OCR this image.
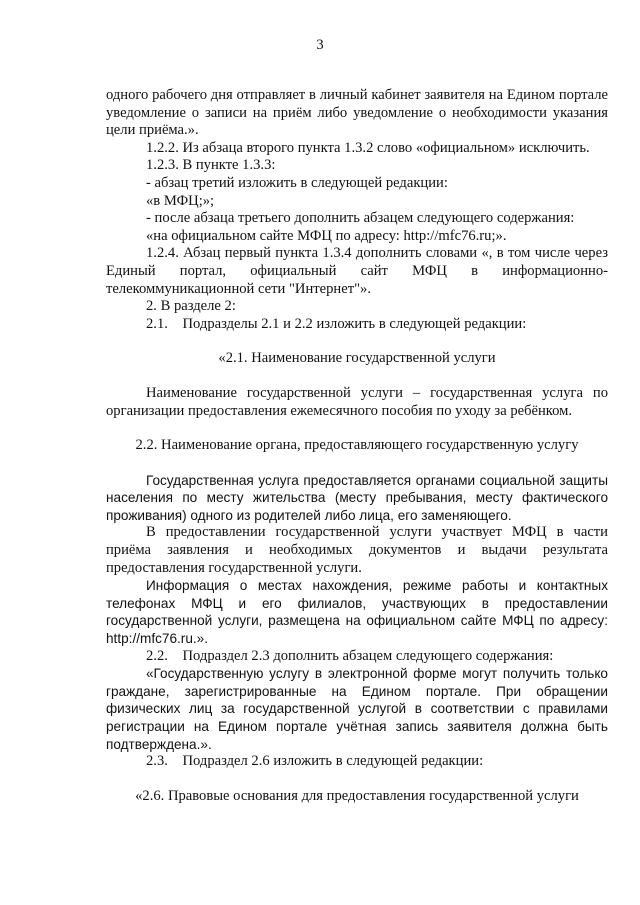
3

одного рабочего дня отправляет в личный кабинет заявителя на Едином портале уведомление о записи на приём либо уведомление о необходимости указания цели приёма.».

1.2.2. Из абзаца второго пункта 1.3.2 слово «официальном» исключить.

1.2.3. В пункте 1.3.3:

- абзац третий изложить в следующей редакции:

«в МФЦ;»;

- после абзаца третьего дополнить абзацем следующего содержания:

«на официальном сайте МФЦ по адресу: http://mfc76.ru;».

1.2.4. Абзац первый пункта 1.3.4 дополнить словами «, в том числе через Единый портал, официальный сайт МФЦ в информационно-телекоммуникационной сети "Интернет"».

2. В разделе 2:

2.1.    Подразделы 2.1 и 2.2 изложить в следующей редакции:

«2.1. Наименование государственной услуги

Наименование государственной услуги – государственная услуга по организации предоставления ежемесячного пособия по уходу за ребёнком.

2.2. Наименование органа, предоставляющего государственную услугу

Государственная услуга предоставляется органами социальной защиты населения по месту жительства (месту пребывания, месту фактического проживания) одного из родителей либо лица, его заменяющего.

В предоставлении государственной услуги участвует МФЦ в части приёма заявления и необходимых документов и выдачи результата предоставления государственной услуги.

Информация о местах нахождения, режиме работы и контактных телефонах МФЦ и его филиалов, участвующих в предоставлении государственной услуги, размещена на официальном сайте МФЦ по адресу: http://mfc76.ru.».

2.2.    Подраздел 2.3 дополнить абзацем следующего содержания:

«Государственную услугу в электронной форме могут получить только граждане, зарегистрированные на Едином портале. При обращении физических лиц за государственной услугой в соответствии с правилами регистрации на Едином портале учётная запись заявителя должна быть подтверждена.».

2.3.    Подраздел 2.6 изложить в следующей редакции:

«2.6. Правовые основания для предоставления государственной услуги
